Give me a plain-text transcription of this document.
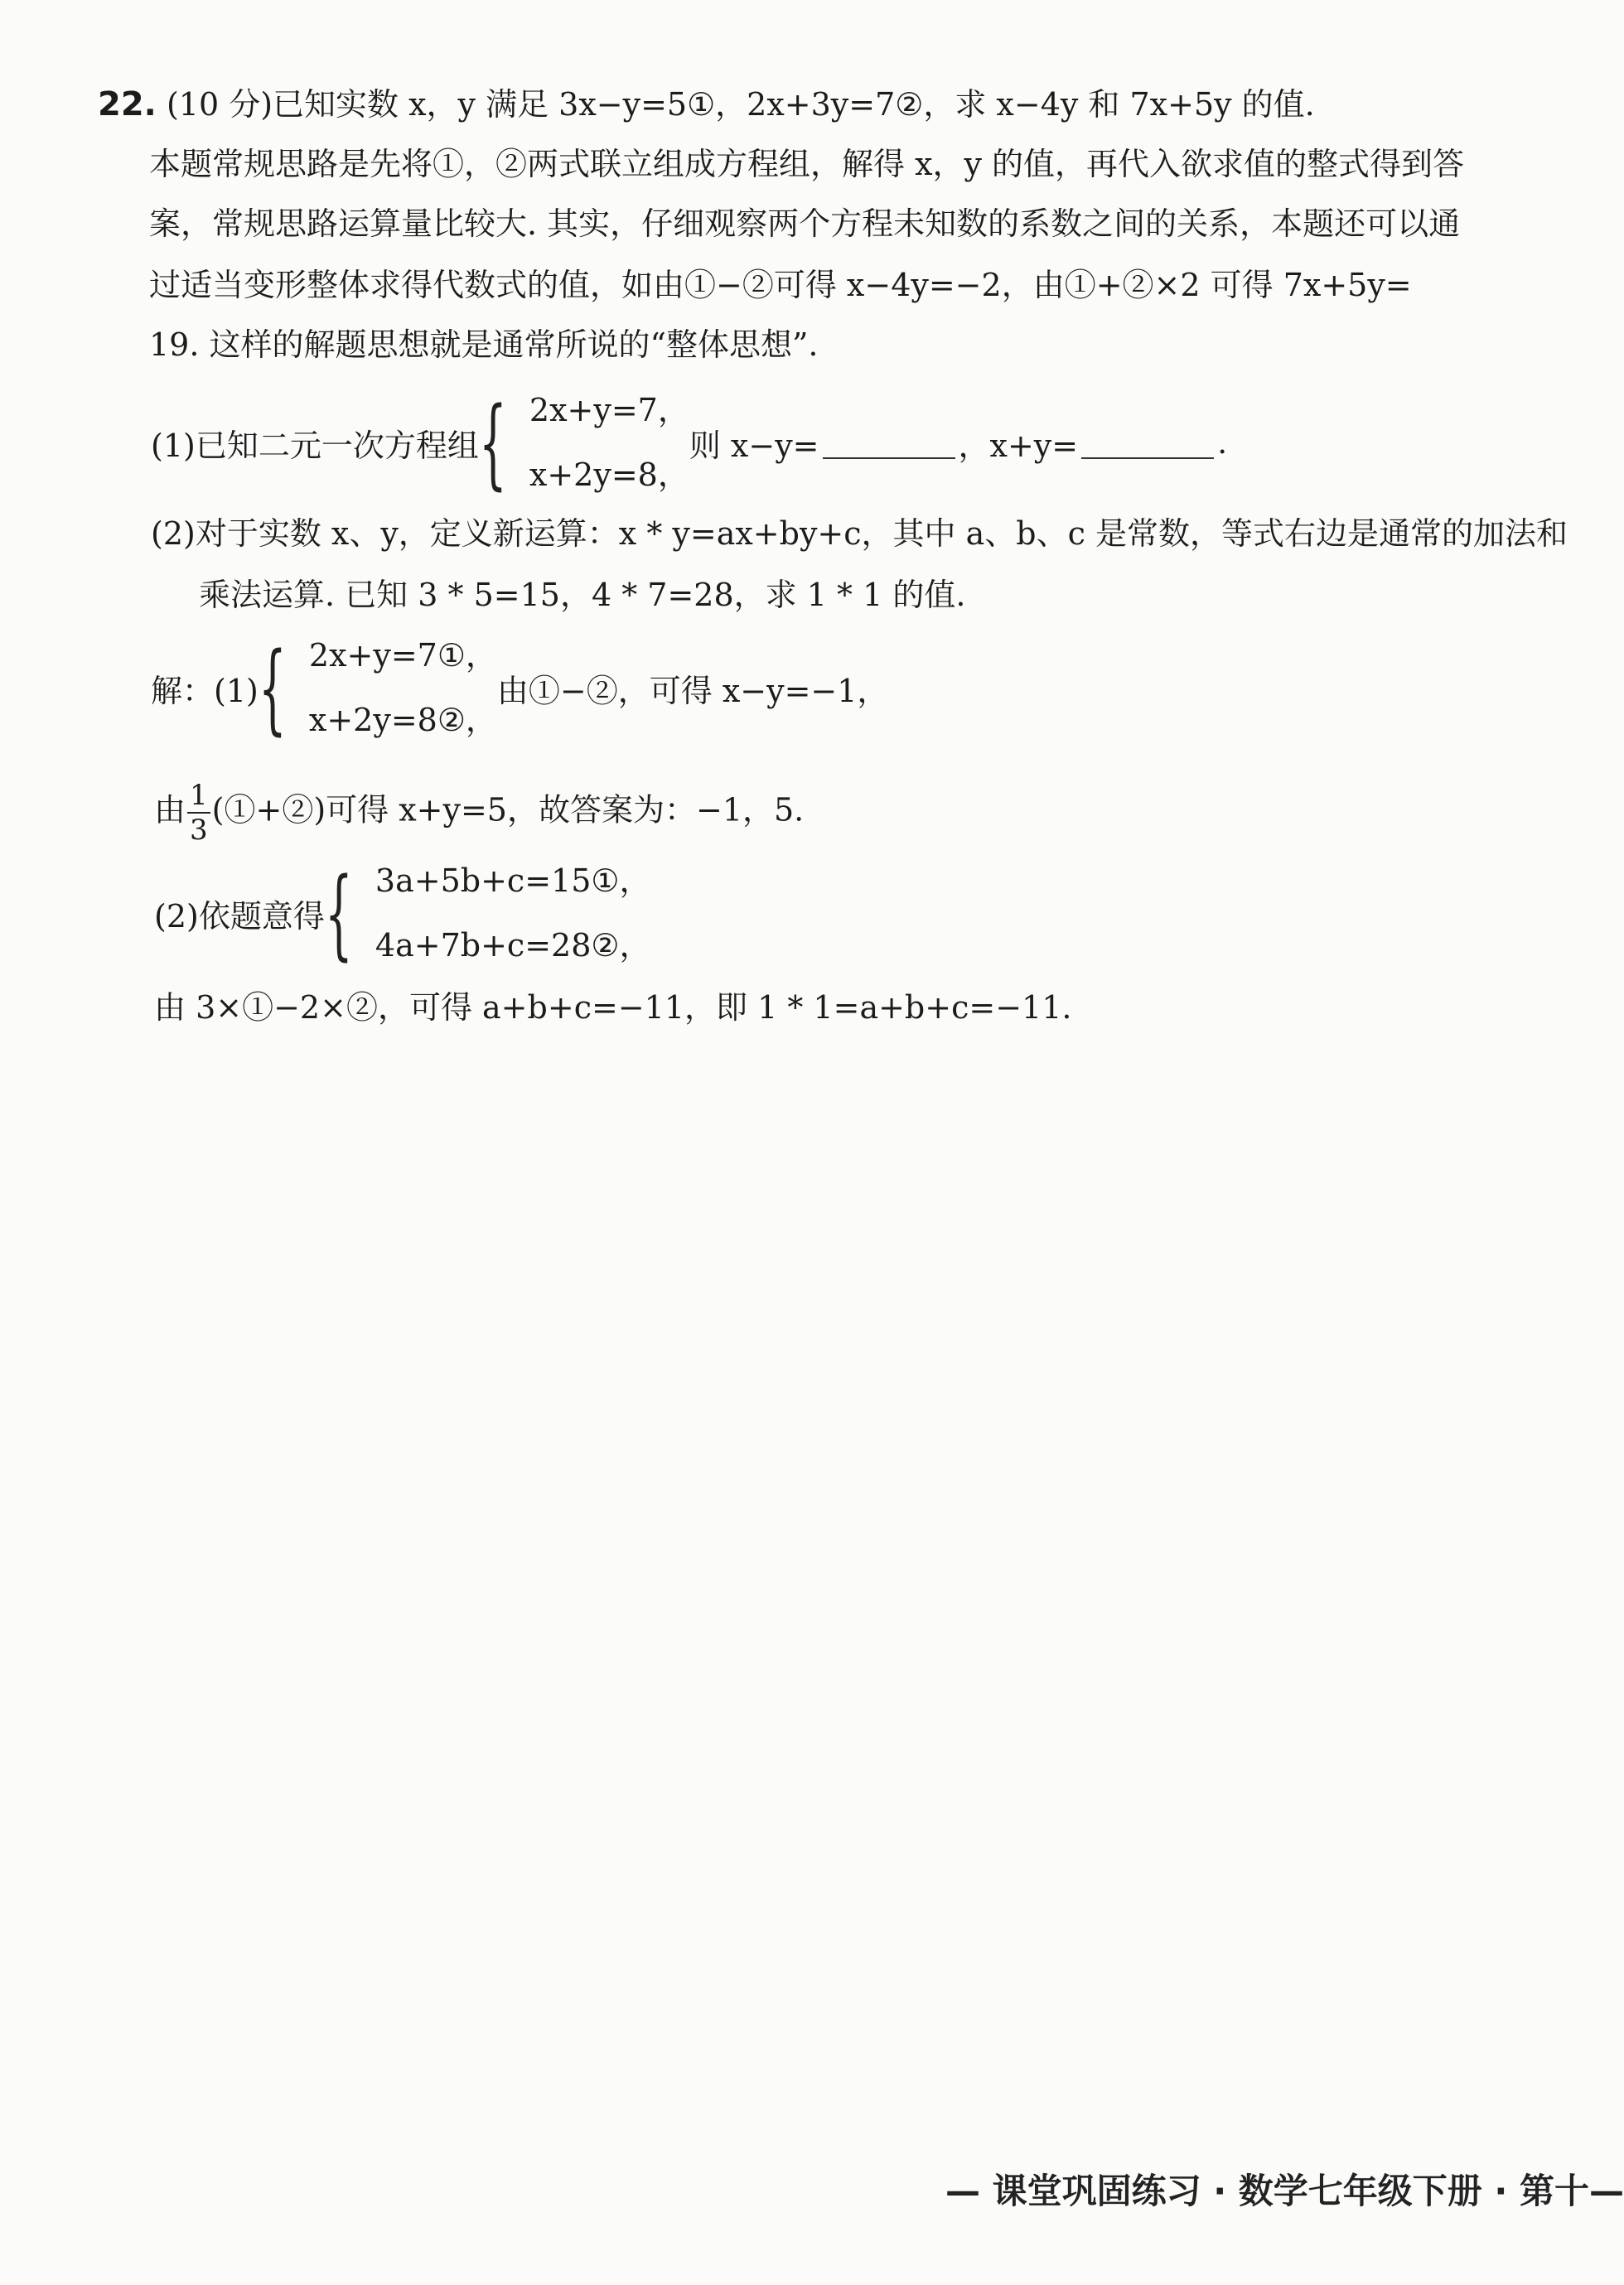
22. (10 分)已知实数 x，y 满足 3x−y=5①，2x+3y=7②，求 x−4y 和 7x+5y 的值.
本题常规思路是先将①，②两式联立组成方程组，解得 x，y 的值，再代入欲求值的整式得到答
案，常规思路运算量比较大. 其实，仔细观察两个方程未知数的系数之间的关系，本题还可以通
过适当变形整体求得代数式的值，如由①−②可得 x−4y=−2，由①+②×2 可得 7x+5y=
19. 这样的解题思想就是通常所说的“整体思想”.
(1)已知二元一次方程组 { 2x+y=7，
x+2y=8，
则 x−y=	，x+y=	.
(2)对于实数 x、y，定义新运算：x * y=ax+by+c，其中 a、b、c 是常数，等式右边是通常的加法和
乘法运算. 已知 3 * 5=15，4 * 7=28，求 1 * 1 的值.
解：(1) { 2x+y=7①，
x+2y=8②，
由①−②，可得 x−y=−1，
由 $\frac{1}{3}$ (①+②)可得 x+y=5，故答案为：−1，5.
(2)依题意得 { 3a+5b+c=15①，
4a+7b+c=28②，
由 3×①−2×②，可得 a+b+c=−11，即 1 * 1=a+b+c=−11.
— 课堂巩固练习 · 数学七年级下册 · 第十—
